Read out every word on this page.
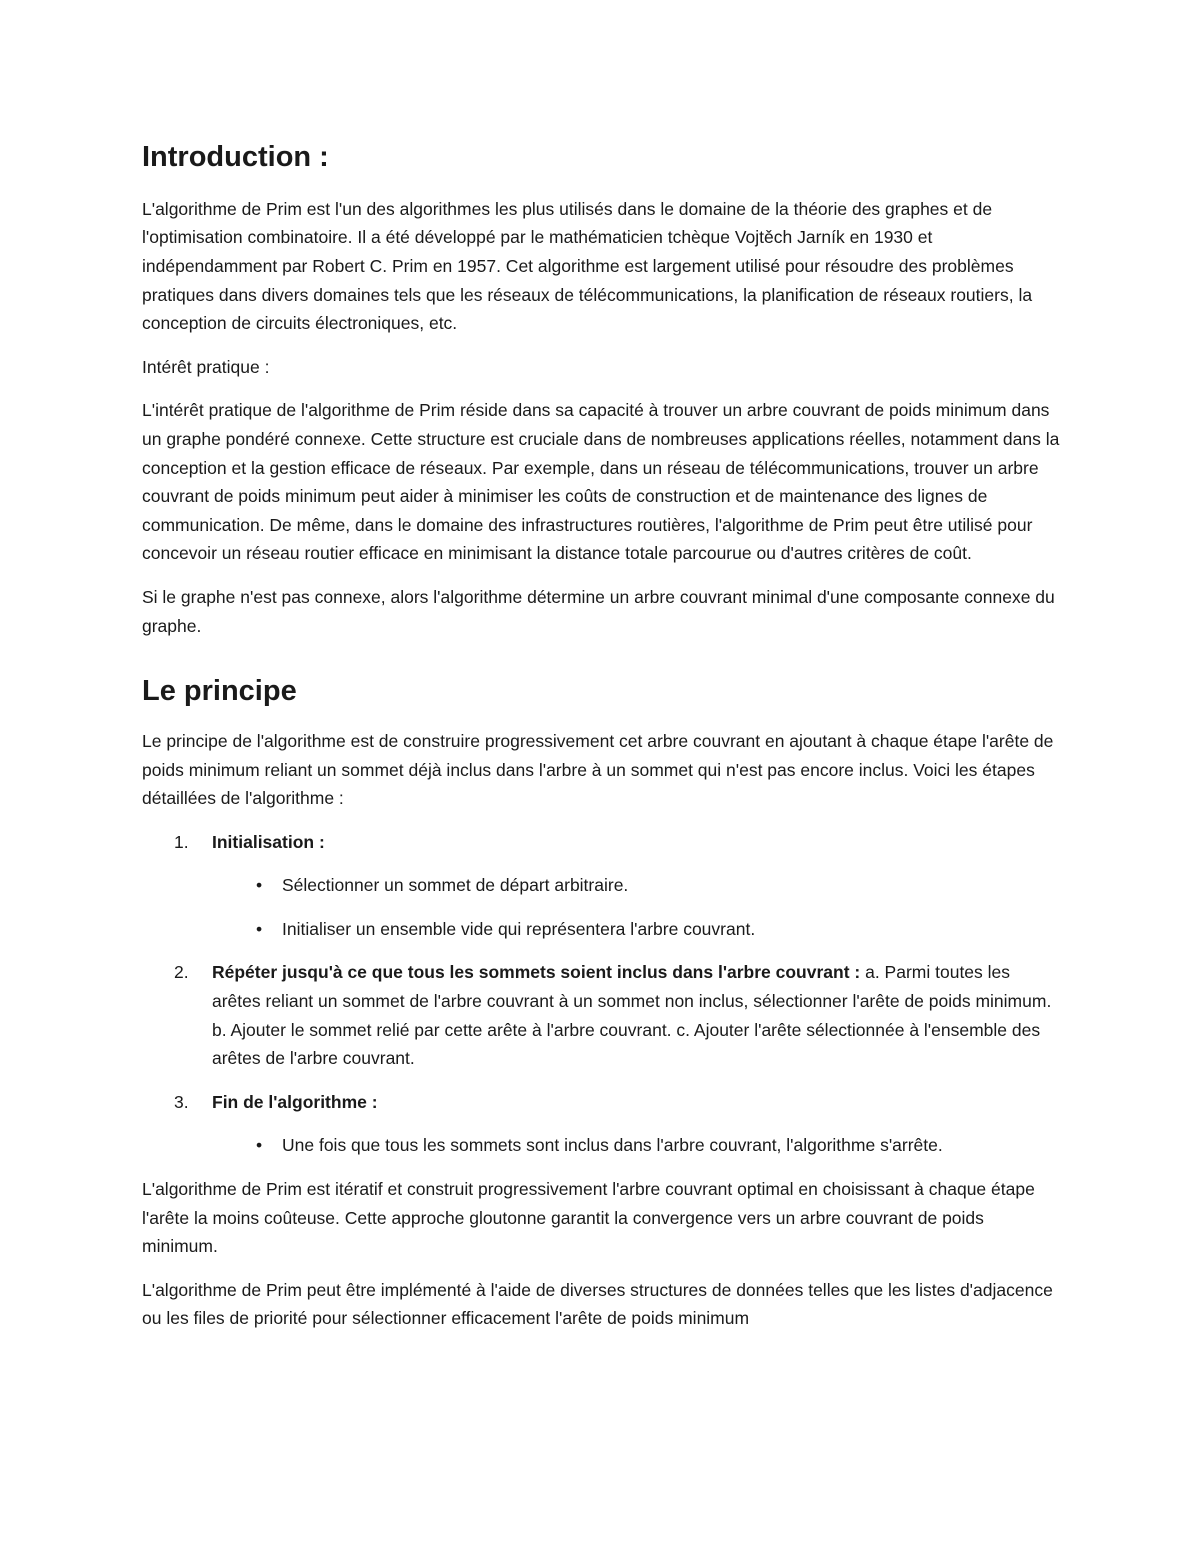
Introduction :

L'algorithme de Prim est l'un des algorithmes les plus utilisés dans le domaine de la théorie des graphes et de l'optimisation combinatoire. Il a été développé par le mathématicien tchèque Vojtěch Jarník en 1930 et indépendamment par Robert C. Prim en 1957. Cet algorithme est largement utilisé pour résoudre des problèmes pratiques dans divers domaines tels que les réseaux de télécommunications, la planification de réseaux routiers, la conception de circuits électroniques, etc.

Intérêt pratique :

L'intérêt pratique de l'algorithme de Prim réside dans sa capacité à trouver un arbre couvrant de poids minimum dans un graphe pondéré connexe. Cette structure est cruciale dans de nombreuses applications réelles, notamment dans la conception et la gestion efficace de réseaux. Par exemple, dans un réseau de télécommunications, trouver un arbre couvrant de poids minimum peut aider à minimiser les coûts de construction et de maintenance des lignes de communication. De même, dans le domaine des infrastructures routières, l'algorithme de Prim peut être utilisé pour concevoir un réseau routier efficace en minimisant la distance totale parcourue ou d'autres critères de coût.

Si le graphe n'est pas connexe, alors l'algorithme détermine un arbre couvrant minimal d'une composante connexe du graphe.

Le principe

Le principe de l'algorithme est de construire progressivement cet arbre couvrant en ajoutant à chaque étape l'arête de poids minimum reliant un sommet déjà inclus dans l'arbre à un sommet qui n'est pas encore inclus. Voici les étapes détaillées de l'algorithme :

1. Initialisation :
• Sélectionner un sommet de départ arbitraire.
• Initialiser un ensemble vide qui représentera l'arbre couvrant.
2. Répéter jusqu'à ce que tous les sommets soient inclus dans l'arbre couvrant : a. Parmi toutes les arêtes reliant un sommet de l'arbre couvrant à un sommet non inclus, sélectionner l'arête de poids minimum. b. Ajouter le sommet relié par cette arête à l'arbre couvrant. c. Ajouter l'arête sélectionnée à l'ensemble des arêtes de l'arbre couvrant.
3. Fin de l'algorithme :
• Une fois que tous les sommets sont inclus dans l'arbre couvrant, l'algorithme s'arrête.

L'algorithme de Prim est itératif et construit progressivement l'arbre couvrant optimal en choisissant à chaque étape l'arête la moins coûteuse. Cette approche gloutonne garantit la convergence vers un arbre couvrant de poids minimum.

L'algorithme de Prim peut être implémenté à l'aide de diverses structures de données telles que les listes d'adjacence ou les files de priorité pour sélectionner efficacement l'arête de poids minimum
